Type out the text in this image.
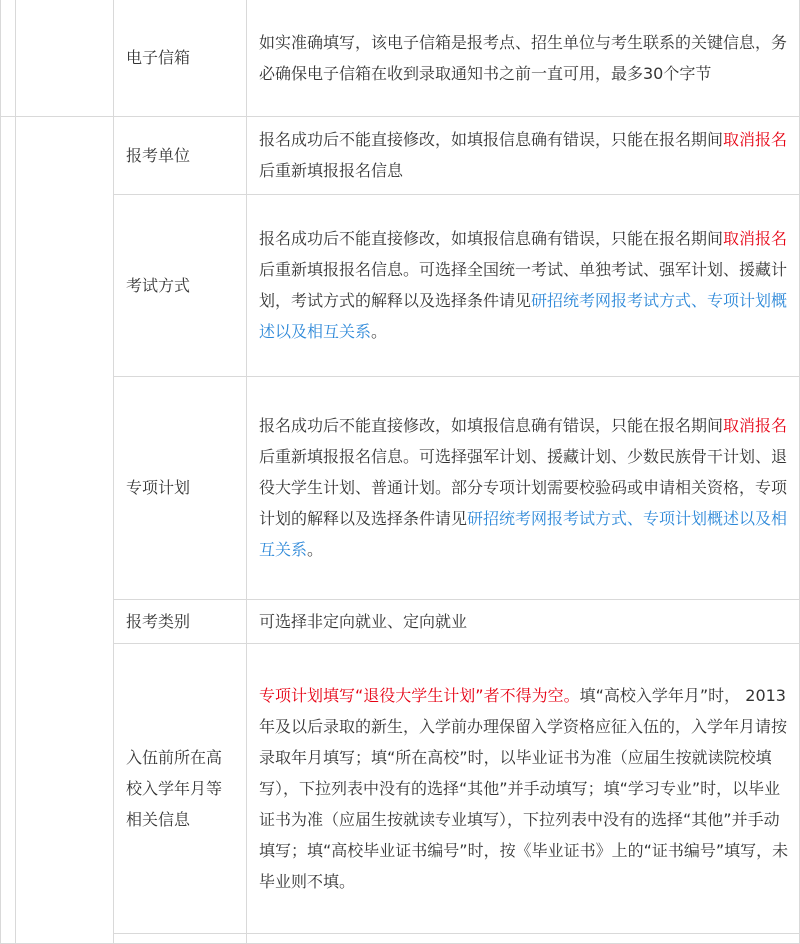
		电子信箱	如实准确填写，该电子信箱是报考点、招生单位与考生联系的关键信息，务必确保电子信箱在收到录取通知书之前一直可用，最多30个字节
		报考单位	报名成功后不能直接修改，如填报信息确有错误，只能在报名期间取消报名后重新填报报名信息
		考试方式	报名成功后不能直接修改，如填报信息确有错误，只能在报名期间取消报名后重新填报报名信息。可选择全国统一考试、单独考试、强军计划、援藏计划，考试方式的解释以及选择条件请见研招统考网报考试方式、专项计划概述以及相互关系。
		专项计划	报名成功后不能直接修改，如填报信息确有错误，只能在报名期间取消报名后重新填报报名信息。可选择强军计划、援藏计划、少数民族骨干计划、退役大学生计划、普通计划。部分专项计划需要校验码或申请相关资格，专项计划的解释以及选择条件请见研招统考网报考试方式、专项计划概述以及相互关系。
		报考类别	可选择非定向就业、定向就业
		入伍前所在高校入学年月等相关信息	专项计划填写“退役大学生计划”者不得为空。填“高校入学年月”时， 2013年及以后录取的新生，入学前办理保留入学资格应征入伍的，入学年月请按录取年月填写；填“所在高校”时，以毕业证书为准（应届生按就读院校填写），下拉列表中没有的选择“其他”并手动填写；填“学习专业”时，以毕业证书为准（应届生按就读专业填写），下拉列表中没有的选择“其他”并手动填写；填“高校毕业证书编号”时，按《毕业证书》上的“证书编号”填写，未毕业则不填。
